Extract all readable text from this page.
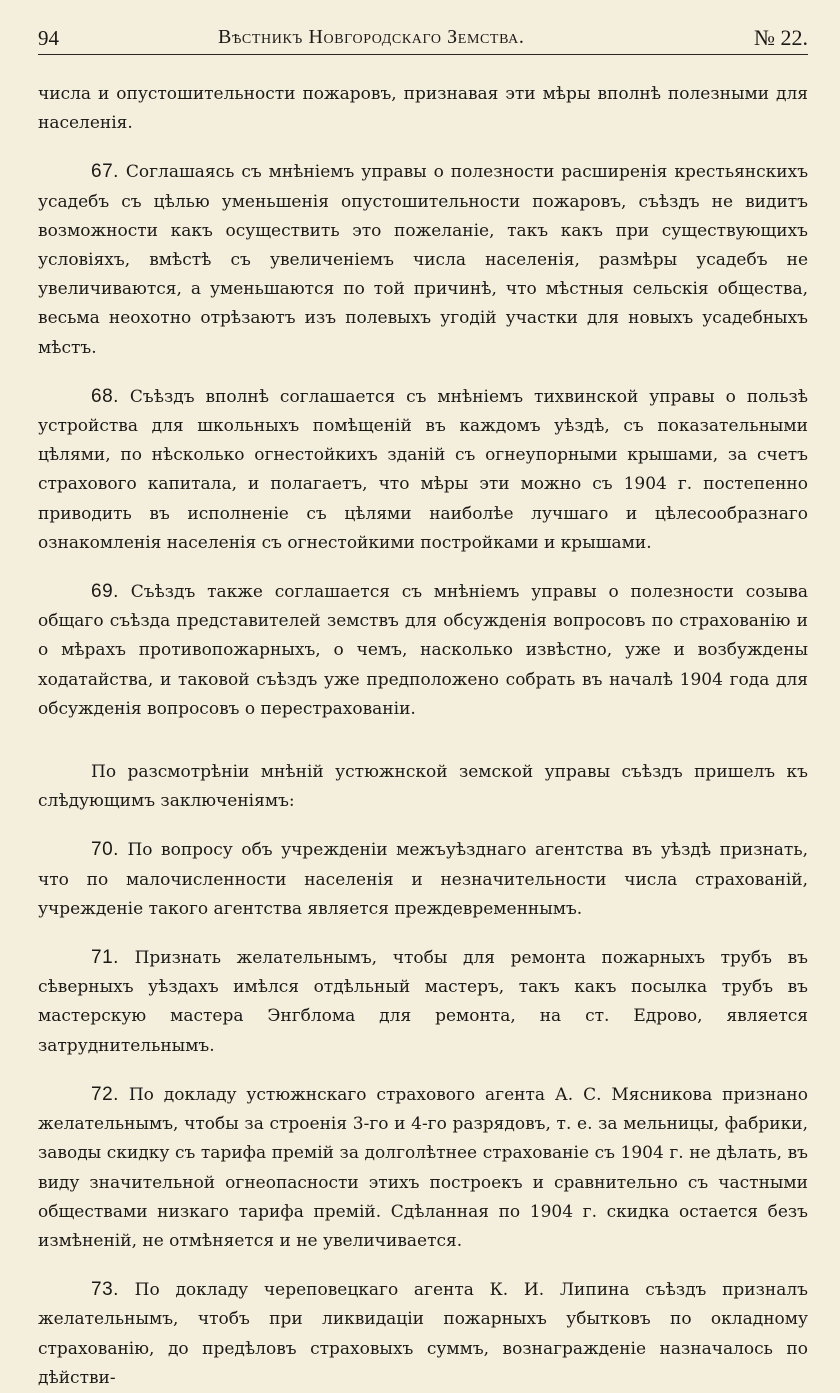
94	Вѣстникъ Новгородскаго Земства.	№ 22.

числа и опустошительности пожаровъ, признавая эти мѣры вполнѣ полезными для населенія.

67. Соглашаясь съ мнѣніемъ управы о полезности расширенія крестьянскихъ усадебъ съ цѣлью уменьшенія опустошительности пожаровъ, съѣздъ не видитъ возможности какъ осуществить это пожеланіе, такъ какъ при существующихъ условіяхъ, вмѣстѣ съ увеличеніемъ числа населенія, размѣры усадебъ не увеличиваются, а уменьшаются по той причинѣ, что мѣстныя сельскія общества, весьма неохотно отрѣзаютъ изъ полевыхъ угодій участки для новыхъ усадебныхъ мѣстъ.

68. Съѣздъ вполнѣ соглашается съ мнѣніемъ тихвинской управы о пользѣ устройства для школьныхъ помѣщеній въ каждомъ уѣздѣ, съ показательными цѣлями, по нѣсколько огнестойкихъ зданій съ огнеупорными крышами, за счетъ страхового капитала, и полагаетъ, что мѣры эти можно съ 1904 г. постепенно приводить въ исполненіе съ цѣлями наиболѣе лучшаго и цѣлесообразнаго ознакомленія населенія съ огнестойкими постройками и крышами.

69. Съѣздъ также соглашается съ мнѣніемъ управы о полезности созыва общаго съѣзда представителей земствъ для обсужденія вопросовъ по страхованію и о мѣрахъ противопожарныхъ, о чемъ, насколько извѣстно, уже и возбуждены ходатайства, и таковой съѣздъ уже предположено собрать въ началѣ 1904 года для обсужденія вопросовъ о перестрахованіи.

По разсмотрѣніи мнѣній устюжнской земской управы съѣздъ пришелъ къ слѣдующимъ заключеніямъ:

70. По вопросу объ учрежденіи межъуѣзднаго агентства въ уѣздѣ признать, что по малочисленности населенія и незначительности числа страхованій, учрежденіе такого агентства является преждевременнымъ.

71. Признать желательнымъ, чтобы для ремонта пожарныхъ трубъ въ сѣверныхъ уѣздахъ имѣлся отдѣльный мастеръ, такъ какъ посылка трубъ въ мастерскую мастера Энгблома для ремонта, на ст. Едрово, является затруднительнымъ.

72. По докладу устюжнскаго страхового агента А. С. Мясникова признано желательнымъ, чтобы за строенія 3-го и 4-го разрядовъ, т. е. за мельницы, фабрики, заводы скидку съ тарифа премій за долголѣтнее страхованіе съ 1904 г. не дѣлать, въ виду значительной огнеопасности этихъ построекъ и сравнительно съ частными обществами низкаго тарифа премій. Сдѣланная по 1904 г. скидка остается безъ измѣненій, не отмѣняется и не увеличивается.

73. По докладу череповецкаго агента К. И. Липина съѣздъ призналъ желательнымъ, чтобъ при ликвидаціи пожарныхъ убытковъ по окладному страхованію, до предѣловъ страховыхъ суммъ, вознагражденіе назначалось по дѣйстви-
